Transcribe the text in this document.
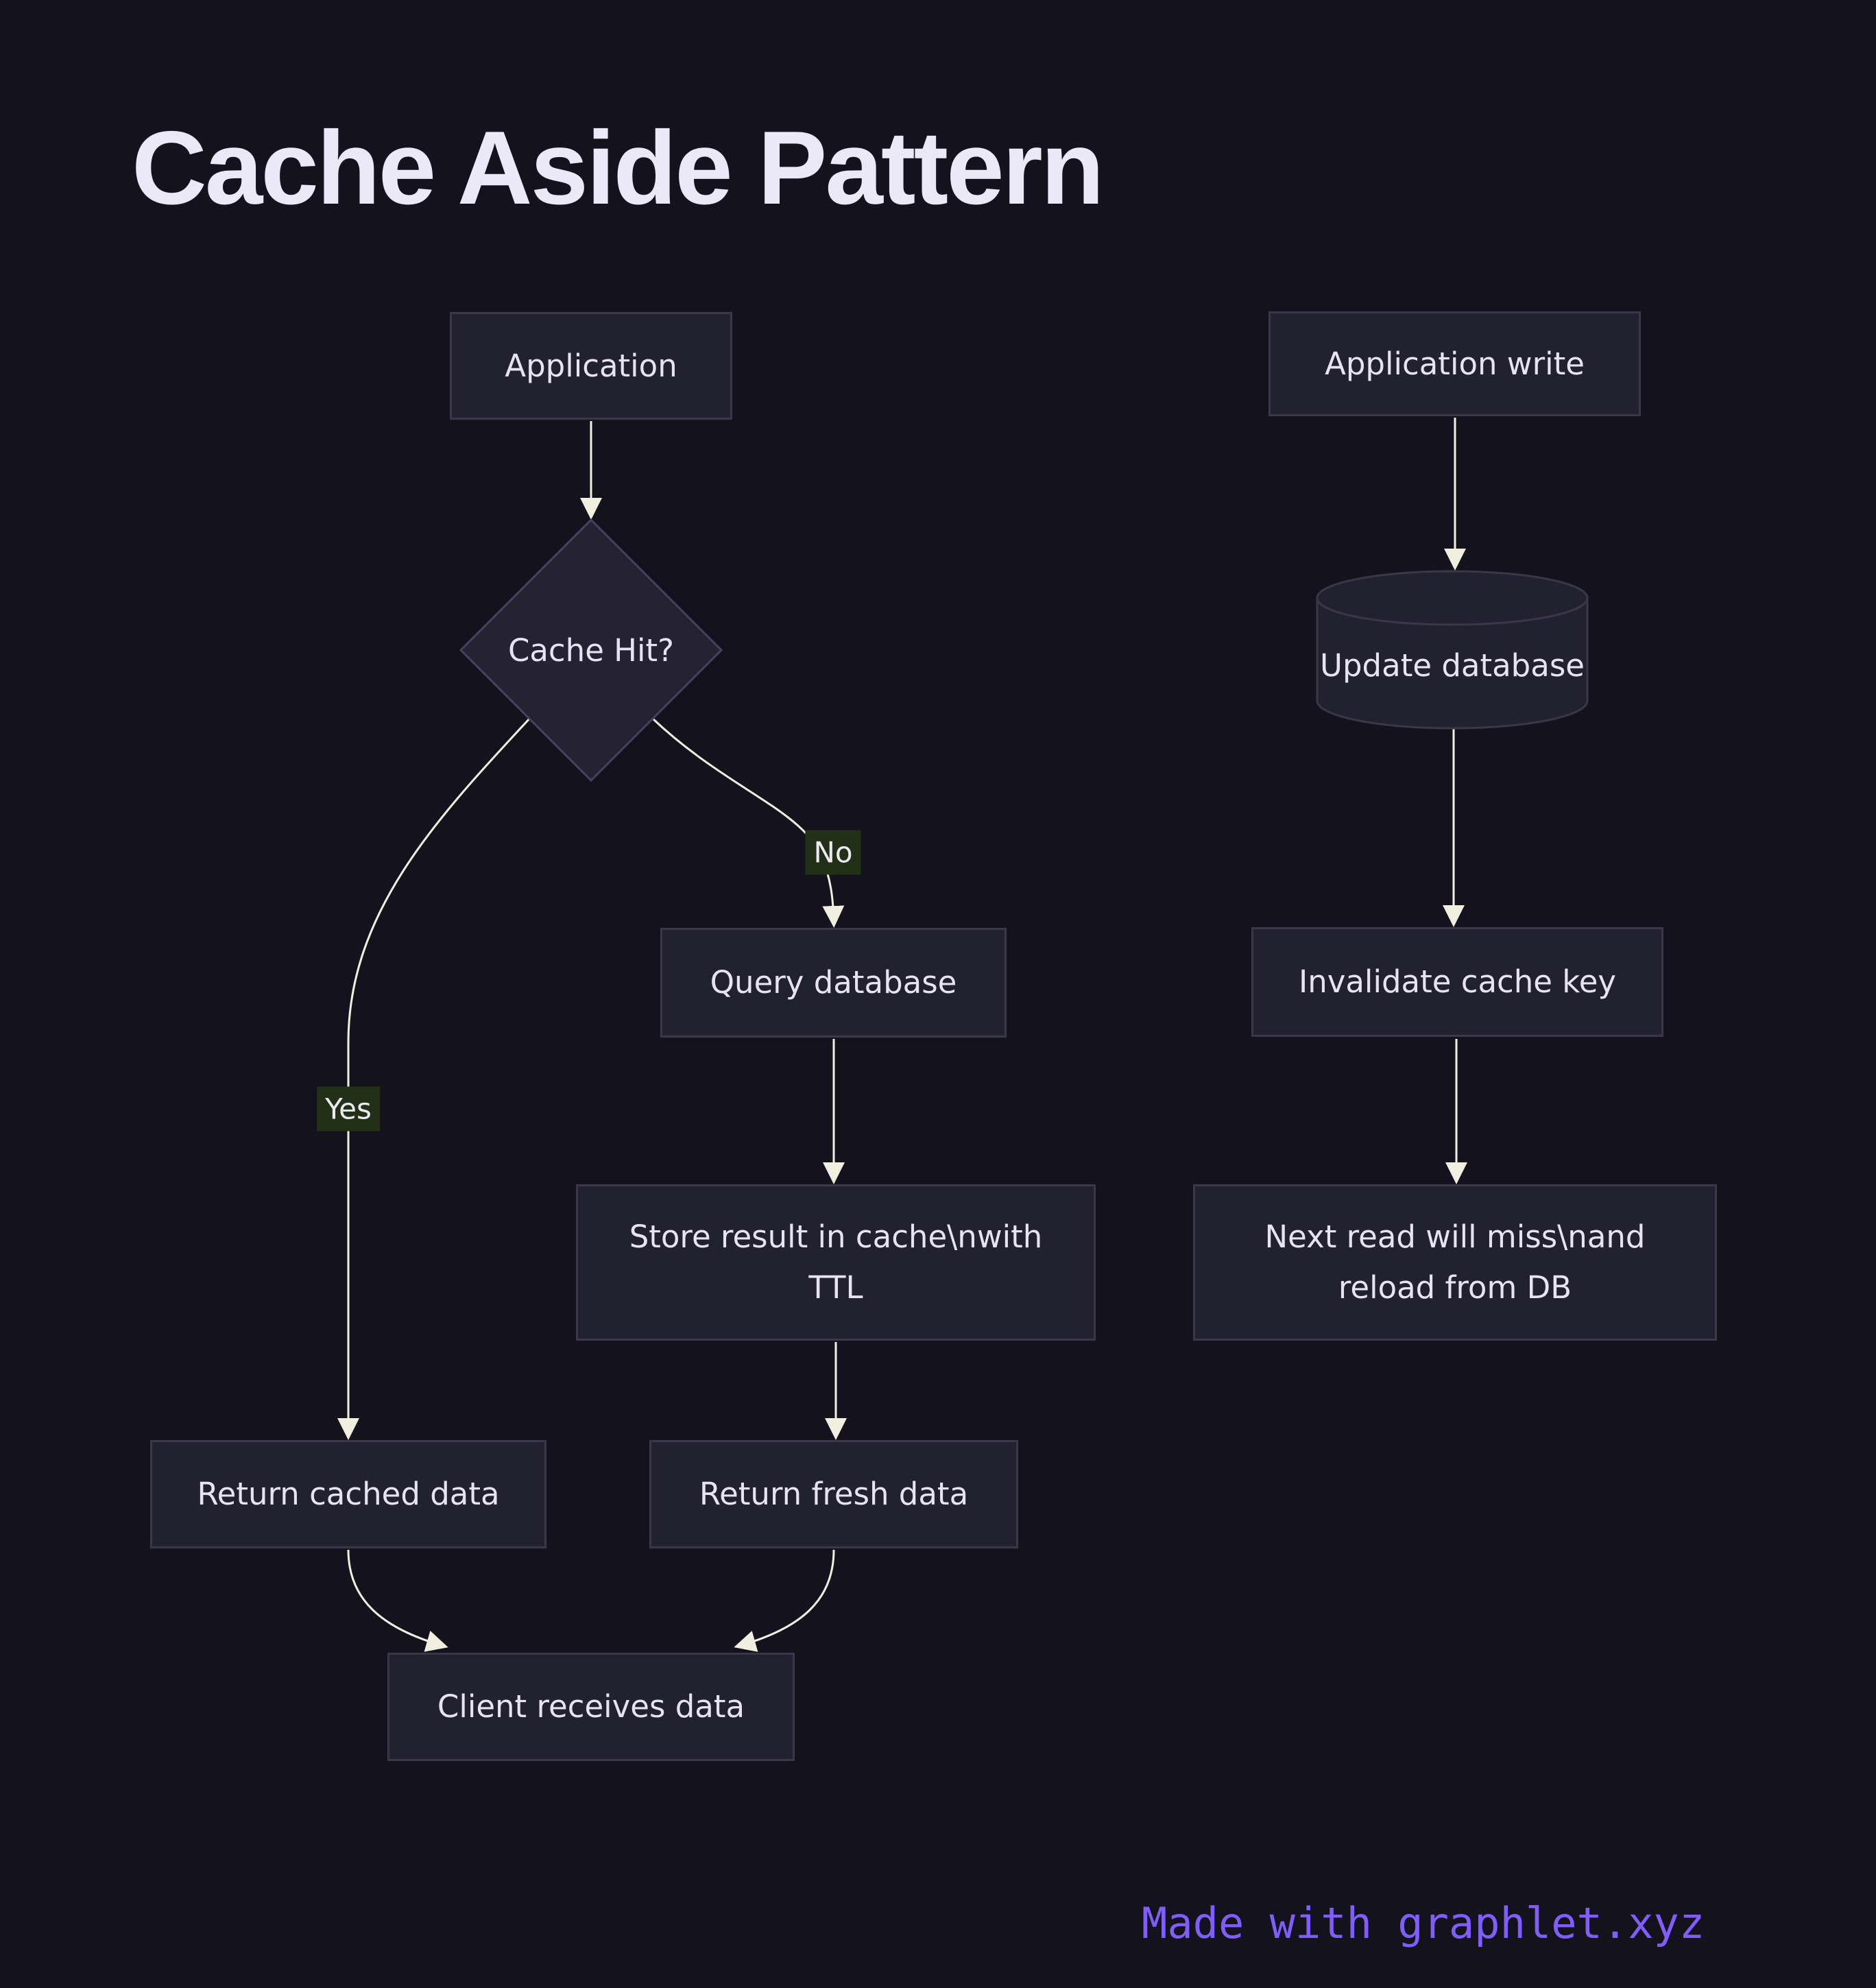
Cache Aside Pattern
Application
Cache Hit?
Query database
Store result in cache\nwith
TTL
Return cached data	Return fresh data
Client receives data
Application write
Update database
Invalidate cache key
Next read will miss\nand
reload from DB
Yes
No
Made with graphlet.xyz
